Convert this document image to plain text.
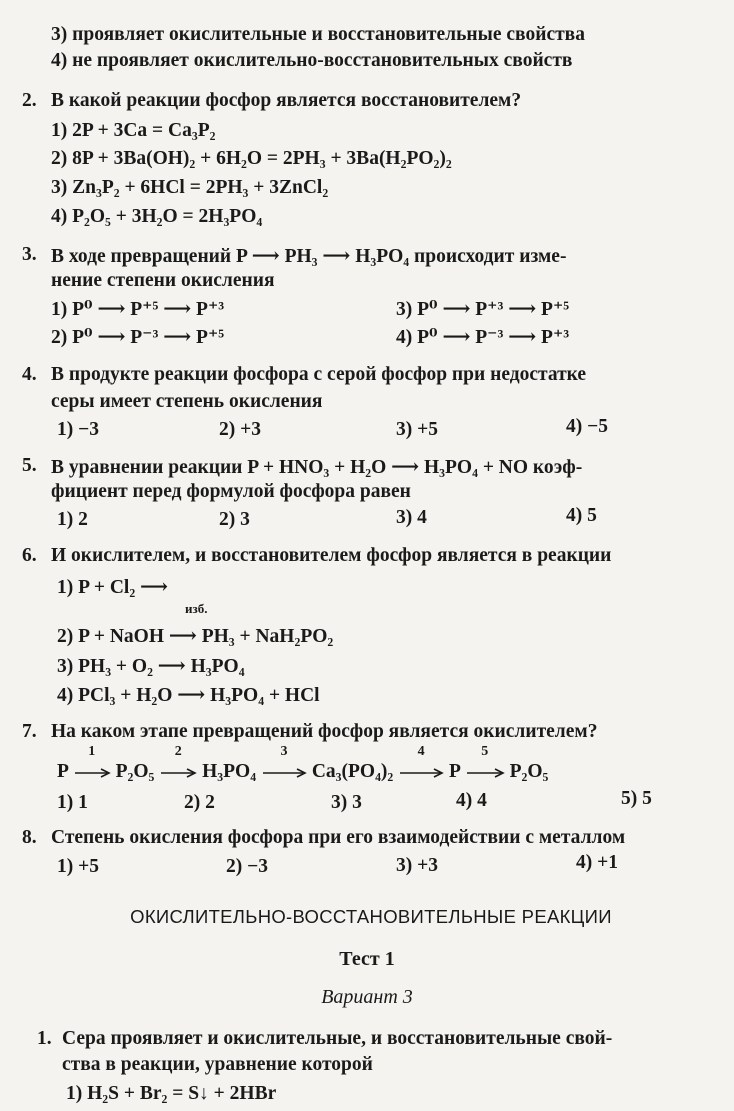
3) проявляет окислительные и восстановительные свойства
4) не проявляет окислительно-восстановительных свойств
2. В какой реакции фосфор является восстановителем?
1) 2P + 3Ca = Ca₃P₂
2) 8P + 3Ba(OH)₂ + 6H₂O = 2PH₃ + 3Ba(H₂PO₂)₂
3) Zn₃P₂ + 6HCl = 2PH₃ + 3ZnCl₂
4) P₂O₅ + 3H₂O = 2H₃PO₄
3. В ходе превращений P ⟶ PH₃ ⟶ H₃PO₄ происходит изме-
нение степени окисления
1) P⁰ ⟶ P⁺⁵ ⟶ P⁺³
2) P⁰ ⟶ P⁻³ ⟶ P⁺⁵
3) P⁰ ⟶ P⁺³ ⟶ P⁺⁵
4) P⁰ ⟶ P⁻³ ⟶ P⁺³
4. В продукте реакции фосфора с серой фосфор при недостатке
серы имеет степень окисления
1) −3	2) +3	3) +5	4) −5
5. В уравнении реакции P + HNO₃ + H₂O ⟶ H₃PO₄ + NO коэф-
фициент перед формулой фосфора равен
1) 2	2) 3	3) 4	4) 5
6. И окислителем, и восстановителем фосфор является в реакции
1) P + Cl₂ ⟶
изб.
2) P + NaOH ⟶ PH₃ + NaH₂PO₂
3) PH₃ + O₂ ⟶ H₃PO₄
4) PCl₃ + H₂O ⟶ H₃PO₄ + HCl
7. На каком этапе превращений фосфор является окислителем?
P
1
P₂O₅
2
H₃PO₄
3
Ca₃(PO₄)₂
4
P
5
P₂O₅
1) 1	2) 2	3) 3	4) 4	5) 5
8. Степень окисления фосфора при его взаимодействии с металлом
1) +5	2) −3	3) +3	4) +1
ОКИСЛИТЕЛЬНО-ВОССТАНОВИТЕЛЬНЫЕ РЕАКЦИИ
Тест 1
Вариант 3
1. Сера проявляет и окислительные, и восстановительные свой-
ства в реакции, уравнение которой
1) H₂S + Br₂ = S↓ + 2HBr
